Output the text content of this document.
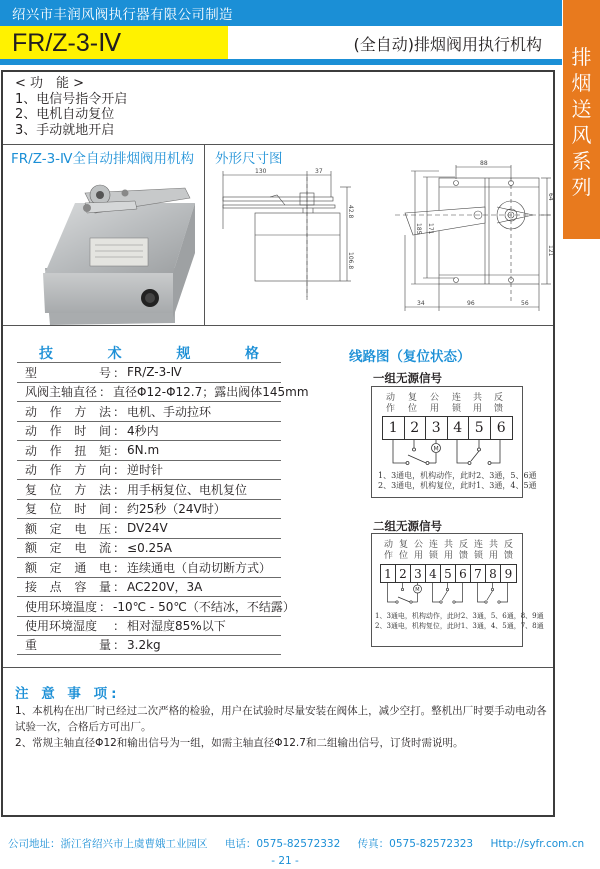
绍兴市丰润风阀执行器有限公司制造
FR/Z-3-Ⅳ	(全自动)排烟阀用执行机构
排
烟
送
风
系
列
< 功　能 >
1、电信号指令开启
2、电机自动复位
3、手动就地开启
FR/Z-3-Ⅳ全自动排烟阀用机构 外形尺寸图
130	37
42.8
106.8
88
185 171
64
121
34	96	56
技	术	规	格
型	号 ： FR/Z-3-Ⅳ
风阀主轴直径 ： 直径Φ12-Φ12.7；露出阀体145mm
动 作 方 法 ： 电机、手动拉环
动 作 时 间 ： 4秒内
动 作 扭 矩 ： 6N.m
动 作 方 向 ： 逆时针
复 位 方 法 ： 用手柄复位、电机复位
复 位 时 间 ： 约25秒（24V时）
额 定 电 压 ： DV24V
额 定 电 流 ： ≤0.25A
额 定 通 电 ： 连续通电（自动切断方式）
接 点 容 量 ： AC220V，3A
使用环境温度 ： -10℃ - 50℃（不结冰，不结露）
使用环境湿度 ： 相对湿度85%以下
重	量 ： 3.2kg
线路图（复位状态）
一组无源信号
动
作
复
位
公
用
连
锁
共
用
反
馈
1 2 3 4 5 6
M
1、3通电，机构动作，此时2、3通，5、6通
2、3通电，机构复位，此时1、3通，4、5通
二组无源信号
动
作
复
位
公
用
连
锁
共
用
反
馈
连
锁
共
用
反
馈
1 2 3 4 5 6 7 8 9
M
1、3通电，机构动作，此时2、3通，5、6通，8、9通
2、3通电，机构复位，此时1、3通，4、5通，7、8通
注 意 事 项:
1、本机构在出厂时已经过二次严格的检验，用户在试验时尽量安装在阀体上，减少空打。整机出厂时要手动电动各试验一次，合格后方可出厂。
2、常规主轴直径Φ12和输出信号为一组，如需主轴直径Φ12.7和二组输出信号，订货时需说明。
公司地址：浙江省绍兴市上虞曹娥工业园区 电话：0575-82572332 传真：0575-82572323 Http://syfr.com.cn
- 21 -
